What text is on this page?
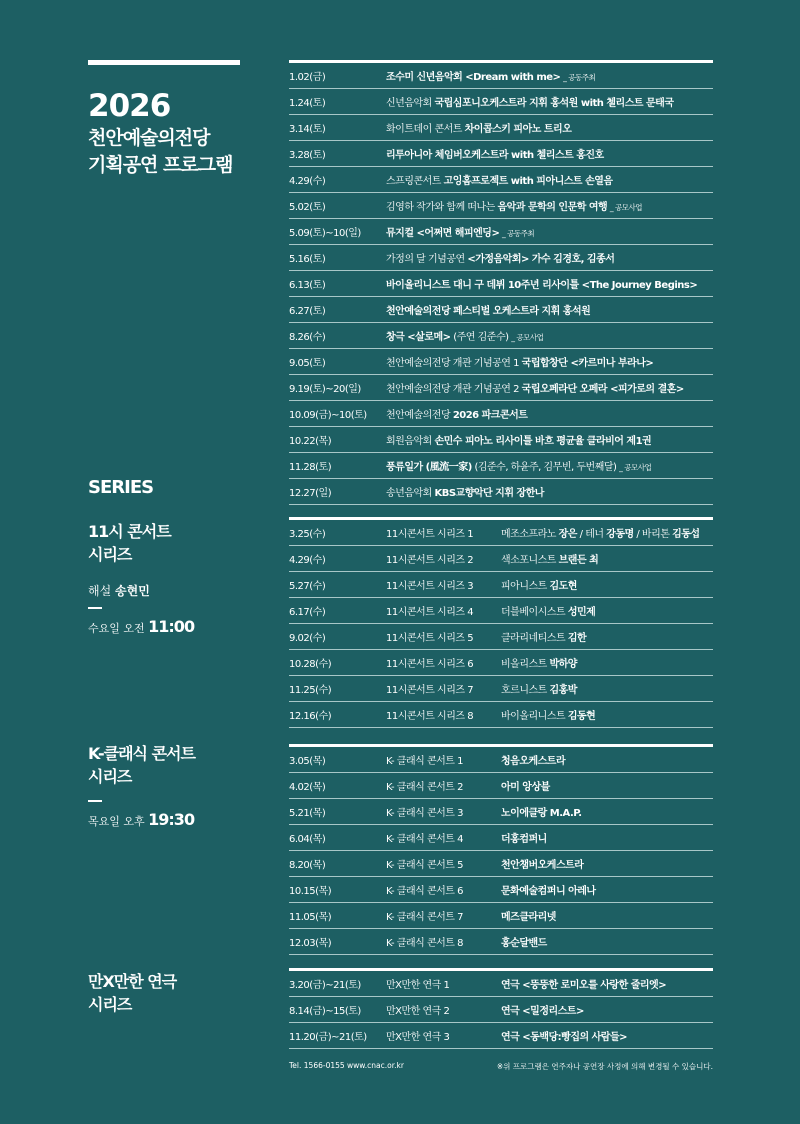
2026
천안예술의전당
기획공연 프로그램
SERIES
11시 콘서트
시리즈
해설 송현민
수요일 오전 11:00
K-클래식 콘서트
시리즈
목요일 오후 19:30
만X만한 연극
시리즈
1.02(금)	조수미 신년음악회 <Dream with me> _ 공동주최
1.24(토)	신년음악회 국립심포니오케스트라 지휘 홍석원 with 첼리스트 문태국
3.14(토)	화이트데이 콘서트 차이콥스키 피아노 트리오
3.28(토)	리투아니아 체임버오케스트라 with 첼리스트 홍진호
4.29(수)	스프링콘서트 고잉홈프로젝트 with 피아니스트 손열음
5.02(토)	김영하 작가와 함께 떠나는 음악과 문학의 인문학 여행 _ 공모사업
5.09(토)~10(일)	뮤지컬 <어쩌면 해피엔딩> _ 공동주최
5.16(토)	가정의 달 기념공연 <가정음악회> 가수 김경호, 김종서
6.13(토)	바이올리니스트 대니 구 데뷔 10주년 리사이틀 <The Journey Begins>
6.27(토)	천안예술의전당 페스티벌 오케스트라 지휘 홍석원
8.26(수)	창극 <살로메> (주연 김준수) _ 공모사업
9.05(토)	천안예술의전당 개관 기념공연 1 국립합창단 <카르미나 부라나>
9.19(토)~20(일)	천안예술의전당 개관 기념공연 2 국립오페라단 오페라 <피가로의 결혼>
10.09(금)~10(토)	천안예술의전당 2026 파크콘서트
10.22(목)	회원음악회 손민수 피아노 리사이틀 바흐 평균율 클라비어 제1권
11.28(토)	풍류일가 (風流一家) (김준수, 하윤주, 김무빈, 두번째달) _ 공모사업
12.27(일)	송년음악회 KBS교향악단 지휘 장한나
3.25(수)	11시콘서트 시리즈 1	메조소프라노 장은 / 테너 강동명 / 바리톤 김동섭
4.29(수)	11시콘서트 시리즈 2	색소포니스트 브랜든 최
5.27(수)	11시콘서트 시리즈 3	피아니스트 김도현
6.17(수)	11시콘서트 시리즈 4	더블베이시스트 성민제
9.02(수)	11시콘서트 시리즈 5	클라리네티스트 김한
10.28(수)	11시콘서트 시리즈 6	비올리스트 박하양
11.25(수)	11시콘서트 시리즈 7	호르니스트 김홍박
12.16(수)	11시콘서트 시리즈 8	바이올리니스트 김동현
3.05(목)	K- 클래식 콘서트 1	청음오케스트라
4.02(목)	K- 클래식 콘서트 2	아미 앙상블
5.21(목)	K- 클래식 콘서트 3	노이에클랑 M.A.P.
6.04(목)	K- 클래식 콘서트 4	더홍컴퍼니
8.20(목)	K- 클래식 콘서트 5	천안챔버오케스트라
10.15(목)	K- 클래식 콘서트 6	문화예술컴퍼니 아레나
11.05(목)	K- 클래식 콘서트 7	메즈클라리넷
12.03(목)	K- 클래식 콘서트 8	홍순달밴드
3.20(금)~21(토)	만X만한 연극 1	연극 <뚱뚱한 로미오를 사랑한 줄리엣>
8.14(금)~15(토)	만X만한 연극 2	연극 <밀정리스트>
11.20(금)~21(토)	만X만한 연극 3	연극 <동백당:빵집의 사람들>
Tel. 1566-0155 www.cnac.or.kr	※위 프로그램은 연주자나 공연장 사정에 의해 변경될 수 있습니다.
